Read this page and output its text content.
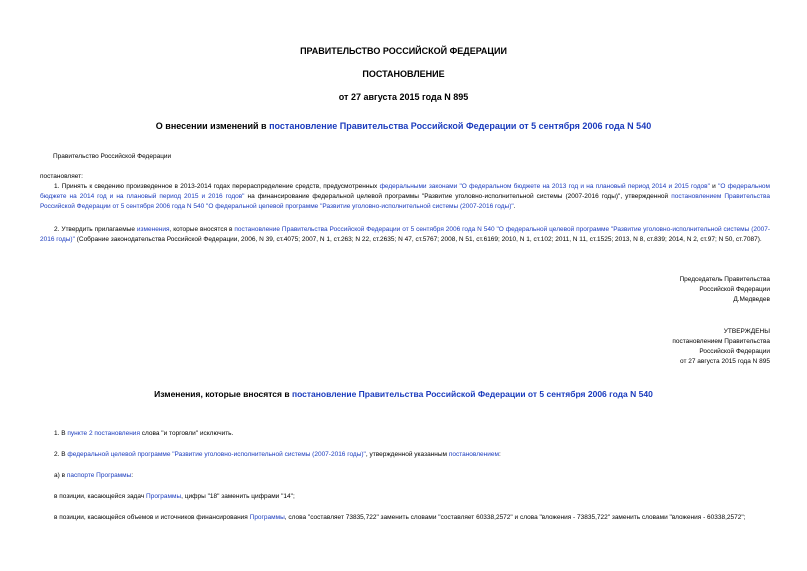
ПРАВИТЕЛЬСТВО РОССИЙСКОЙ ФЕДЕРАЦИИ
ПОСТАНОВЛЕНИЕ
от 27 августа 2015 года N 895
О внесении изменений в постановление Правительства Российской Федерации от 5 сентября 2006 года N 540
Правительство Российской Федерации
постановляет:
1. Принять к сведению произведенное в 2013-2014 годах перераспределение средств, предусмотренных федеральными законами "О федеральном бюджете на 2013 год и на плановый период 2014 и 2015 годов" и "О федеральном бюджете на 2014 год и на плановый период 2015 и 2016 годов" на финансирование федеральной целевой программы "Развитие уголовно-исполнительной системы (2007-2016 годы)", утвержденной постановлением Правительства Российской Федерации от 5 сентября 2006 года N 540 "О федеральной целевой программе "Развитие уголовно-исполнительной системы (2007-2016 годы)".
2. Утвердить прилагаемые изменения, которые вносятся в постановление Правительства Российской Федерации от 5 сентября 2006 года N 540 "О федеральной целевой программе "Развитие уголовно-исполнительной системы (2007-2016 годы)" (Собрание законодательства Российской Федерации, 2006, N 39, ст.4075; 2007, N 1, ст.263; N 22, ст.2635; N 47, ст.5767; 2008, N 51, ст.6169; 2010, N 1, ст.102; 2011, N 11, ст.1525; 2013, N 8, ст.839; 2014, N 2, ст.97; N 50, ст.7087).
Председатель Правительства
Российской Федерации
Д.Медведев
УТВЕРЖДЕНЫ
постановлением Правительства
Российской Федерации
от 27 августа 2015 года N 895
Изменения, которые вносятся в постановление Правительства Российской Федерации от 5 сентября 2006 года N 540
1. В пункте 2 постановления слова "и торговли" исключить.
2. В федеральной целевой программе "Развитие уголовно-исполнительной системы (2007-2016 годы)", утвержденной указанным постановлением:
а) в паспорте Программы:
в позиции, касающейся задач Программы, цифры "18" заменить цифрами "14";
в позиции, касающейся объемов и источников финансирования Программы, слова "составляет 73835,722" заменить словами "составляет 60338,2572" и слова "вложения - 73835,722" заменить словами "вложения - 60338,2572";
